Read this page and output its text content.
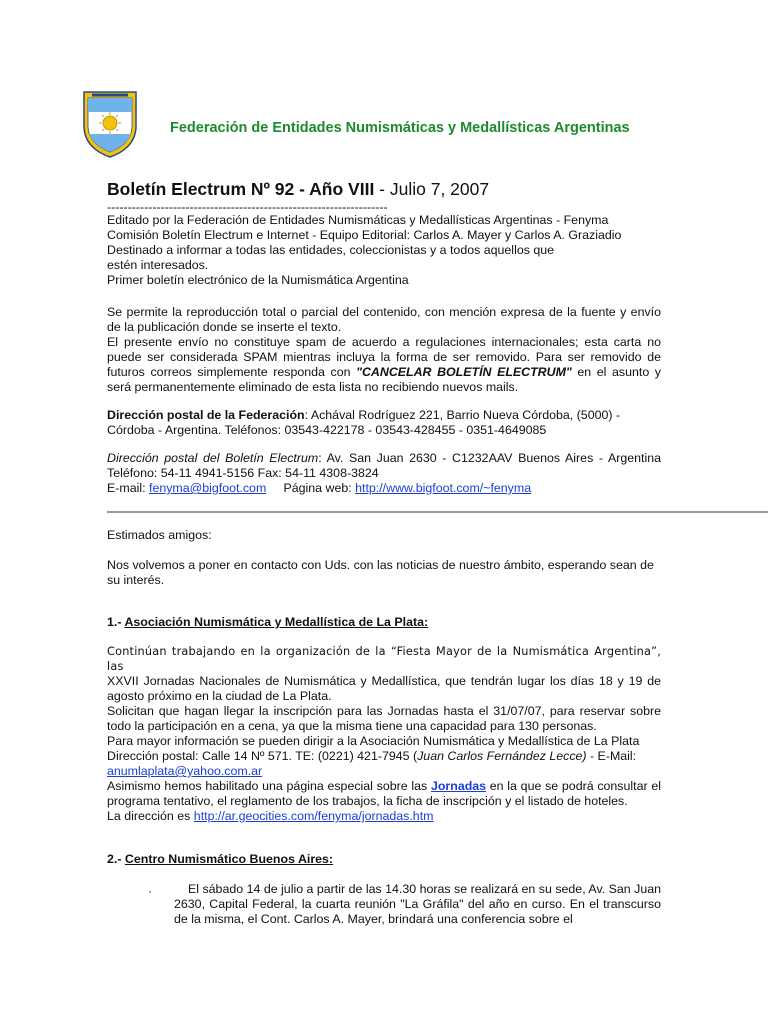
Federación de Entidades Numismáticas y Medallísticas Argentinas
Boletín Electrum Nº 92 - Año VIII - Julio 7, 2007
--------------------------------------------------------------------

Editado por la Federación de Entidades Numismáticas y Medallísticas Argentinas - Fenyma

Comisión Boletín Electrum e Internet - Equipo Editorial: Carlos A. Mayer y Carlos A. Graziadio

Destinado a informar a todas las entidades, coleccionistas y a todos aquellos que estén interesados.

Primer boletín electrónico de la Numismática Argentina

Se permite la reproducción total o parcial del contenido, con mención expresa de la fuente y envío de la publicación donde se inserte el texto.

El presente envío no constituye spam de acuerdo a regulaciones internacionales; esta carta no puede ser considerada SPAM mientras incluya la forma de ser removido. Para ser removido de futuros correos simplemente responda con "CANCELAR BOLETÍN ELECTRUM" en el asunto y será permanentemente eliminado de esta lista no recibiendo nuevos mails.

Dirección postal de la Federación: Achával Rodríguez 221, Barrio Nueva Córdoba, (5000) - Córdoba - Argentina. Teléfonos: 03543-422178 - 03543-428455 - 0351-4649085

Dirección postal del Boletín Electrum: Av. San Juan 2630 - C1232AAV Buenos Aires - Argentina Teléfono: 54-11 4941-5156 Fax: 54-11 4308-3824

E-mail: fenyma@bigfoot.com     Página web: http://www.bigfoot.com/~fenyma

Estimados amigos:

Nos volvemos a poner en contacto con Uds. con las noticias de nuestro ámbito, esperando sean de su interés.

1.- Asociación Numismática y Medallística de La Plata:

Continúan trabajando en la organización de la “Fiesta Mayor de la Numismática Argentina”, las

XXVII Jornadas Nacionales de Numismática y Medallística, que tendrán lugar los días 18 y 19 de agosto próximo en la ciudad de La Plata.

Solicitan que hagan llegar la inscripción para las Jornadas hasta el 31/07/07, para reservar sobre todo la participación en a cena, ya que la misma tiene una capacidad para 130 personas.

Para mayor información se pueden dirigir a la Asociación Numismática y Medallística de La Plata

Dirección postal: Calle 14 Nº 571. TE: (0221) 421-7945 (Juan Carlos Fernández Lecce) - E-Mail:

anumlaplata@yahoo.com.ar

Asimismo hemos habilitado una página especial sobre las Jornadas en la que se podrá consultar el programa tentativo, el reglamento de los trabajos, la ficha de inscripción y el listado de hoteles.

La dirección es http://ar.geocities.com/fenyma/jornadas.htm

2.- Centro Numismático Buenos Aires:
·	El sábado 14 de julio a partir de las 14.30 horas se realizará en su sede, Av. San Juan 2630, Capital Federal, la cuarta reunión "La Gráfila" del año en curso. En el transcurso de la misma, el Cont. Carlos A. Mayer, brindará una conferencia sobre el
